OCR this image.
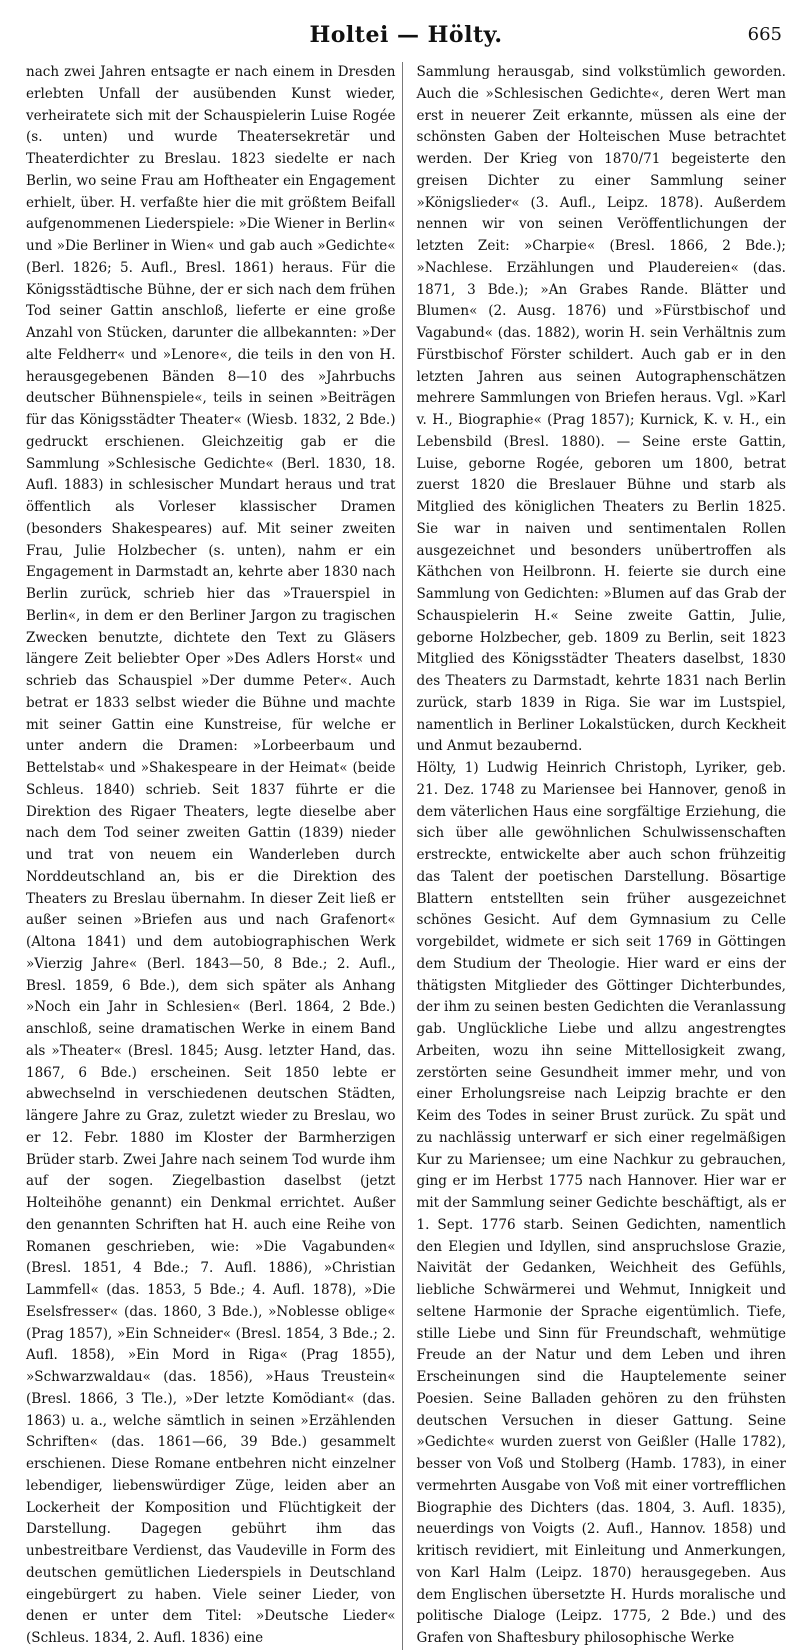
Holtei — Hölty.	665

nach zwei Jahren entsagte er nach einem in Dresden erlebten Unfall der ausübenden Kunst wieder, verheiratete sich mit der Schauspielerin Luise Rogée (s. unten) und wurde Theatersekretär und Theaterdichter zu Breslau. 1823 siedelte er nach Berlin, wo seine Frau am Hoftheater ein Engagement erhielt, über. H. verfaßte hier die mit größtem Beifall aufgenommenen Liederspiele: »Die Wiener in Berlin« und »Die Berliner in Wien« und gab auch »Gedichte« (Berl. 1826; 5. Aufl., Bresl. 1861) heraus. Für die Königsstädtische Bühne, der er sich nach dem frühen Tod seiner Gattin anschloß, lieferte er eine große Anzahl von Stücken, darunter die allbekannten: »Der alte Feldherr« und »Lenore«, die teils in den von H. herausgegebenen Bänden 8—10 des »Jahrbuchs deutscher Bühnenspiele«, teils in seinen »Beiträgen für das Königsstädter Theater« (Wiesb. 1832, 2 Bde.) gedruckt erschienen. Gleichzeitig gab er die Sammlung »Schlesische Gedichte« (Berl. 1830, 18. Aufl. 1883) in schlesischer Mundart heraus und trat öffentlich als Vorleser klassischer Dramen (besonders Shakespeares) auf. Mit seiner zweiten Frau, Julie Holzbecher (s. unten), nahm er ein Engagement in Darmstadt an, kehrte aber 1830 nach Berlin zurück, schrieb hier das »Trauerspiel in Berlin«, in dem er den Berliner Jargon zu tragischen Zwecken benutzte, dichtete den Text zu Gläsers längere Zeit beliebter Oper »Des Adlers Horst« und schrieb das Schauspiel »Der dumme Peter«. Auch betrat er 1833 selbst wieder die Bühne und machte mit seiner Gattin eine Kunstreise, für welche er unter andern die Dramen: »Lorbeerbaum und Bettelstab« und »Shakespeare in der Heimat« (beide Schleus. 1840) schrieb. Seit 1837 führte er die Direktion des Rigaer Theaters, legte dieselbe aber nach dem Tod seiner zweiten Gattin (1839) nieder und trat von neuem ein Wanderleben durch Norddeutschland an, bis er die Direktion des Theaters zu Breslau übernahm. In dieser Zeit ließ er außer seinen »Briefen aus und nach Grafenort« (Altona 1841) und dem autobiographischen Werk »Vierzig Jahre« (Berl. 1843—50, 8 Bde.; 2. Aufl., Bresl. 1859, 6 Bde.), dem sich später als Anhang »Noch ein Jahr in Schlesien« (Berl. 1864, 2 Bde.) anschloß, seine dramatischen Werke in einem Band als »Theater« (Bresl. 1845; Ausg. letzter Hand, das. 1867, 6 Bde.) erscheinen. Seit 1850 lebte er abwechselnd in verschiedenen deutschen Städten, längere Jahre zu Graz, zuletzt wieder zu Breslau, wo er 12. Febr. 1880 im Kloster der Barmherzigen Brüder starb. Zwei Jahre nach seinem Tod wurde ihm auf der sogen. Ziegelbastion daselbst (jetzt Holteihöhe genannt) ein Denkmal errichtet. Außer den genannten Schriften hat H. auch eine Reihe von Romanen geschrieben, wie: »Die Vagabunden« (Bresl. 1851, 4 Bde.; 7. Aufl. 1886), »Christian Lammfell« (das. 1853, 5 Bde.; 4. Aufl. 1878), »Die Eselsfresser« (das. 1860, 3 Bde.), »Noblesse oblige« (Prag 1857), »Ein Schneider« (Bresl. 1854, 3 Bde.; 2. Aufl. 1858), »Ein Mord in Riga« (Prag 1855), »Schwarzwaldau« (das. 1856), »Haus Treustein« (Bresl. 1866, 3 Tle.), »Der letzte Komödiant« (das. 1863) u. a., welche sämtlich in seinen »Erzählenden Schriften« (das. 1861—66, 39 Bde.) gesammelt erschienen. Diese Romane entbehren nicht einzelner lebendiger, liebenswürdiger Züge, leiden aber an Lockerheit der Komposition und Flüchtigkeit der Darstellung. Dagegen gebührt ihm das unbestreitbare Verdienst, das Vaudeville in Form des deutschen gemütlichen Liederspiels in Deutschland eingebürgert zu haben. Viele seiner Lieder, von denen er unter dem Titel: »Deutsche Lieder« (Schleus. 1834, 2. Aufl. 1836) eine

Sammlung herausgab, sind volkstümlich geworden. Auch die »Schlesischen Gedichte«, deren Wert man erst in neuerer Zeit erkannte, müssen als eine der schönsten Gaben der Holteischen Muse betrachtet werden. Der Krieg von 1870/71 begeisterte den greisen Dichter zu einer Sammlung seiner »Königslieder« (3. Aufl., Leipz. 1878). Außerdem nennen wir von seinen Veröffentlichungen der letzten Zeit: »Charpie« (Bresl. 1866, 2 Bde.); »Nachlese. Erzählungen und Plaudereien« (das. 1871, 3 Bde.); »An Grabes Rande. Blätter und Blumen« (2. Ausg. 1876) und »Fürstbischof und Vagabund« (das. 1882), worin H. sein Verhältnis zum Fürstbischof Förster schildert. Auch gab er in den letzten Jahren aus seinen Autographenschätzen mehrere Sammlungen von Briefen heraus. Vgl. »Karl v. H., Biographie« (Prag 1857); Kurnick, K. v. H., ein Lebensbild (Bresl. 1880). — Seine erste Gattin, Luise, geborne Rogée, geboren um 1800, betrat zuerst 1820 die Breslauer Bühne und starb als Mitglied des königlichen Theaters zu Berlin 1825. Sie war in naiven und sentimentalen Rollen ausgezeichnet und besonders unübertroffen als Käthchen von Heilbronn. H. feierte sie durch eine Sammlung von Gedichten: »Blumen auf das Grab der Schauspielerin H.« Seine zweite Gattin, Julie, geborne Holzbecher, geb. 1809 zu Berlin, seit 1823 Mitglied des Königsstädter Theaters daselbst, 1830 des Theaters zu Darmstadt, kehrte 1831 nach Berlin zurück, starb 1839 in Riga. Sie war im Lustspiel, namentlich in Berliner Lokalstücken, durch Keckheit und Anmut bezaubernd.

Hölty, 1) Ludwig Heinrich Christoph, Lyriker, geb. 21. Dez. 1748 zu Mariensee bei Hannover, genoß in dem väterlichen Haus eine sorgfältige Erziehung, die sich über alle gewöhnlichen Schulwissenschaften erstreckte, entwickelte aber auch schon frühzeitig das Talent der poetischen Darstellung. Bösartige Blattern entstellten sein früher ausgezeichnet schönes Gesicht. Auf dem Gymnasium zu Celle vorgebildet, widmete er sich seit 1769 in Göttingen dem Studium der Theologie. Hier ward er eins der thätigsten Mitglieder des Göttinger Dichterbundes, der ihm zu seinen besten Gedichten die Veranlassung gab. Unglückliche Liebe und allzu angestrengtes Arbeiten, wozu ihn seine Mittellosigkeit zwang, zerstörten seine Gesundheit immer mehr, und von einer Erholungsreise nach Leipzig brachte er den Keim des Todes in seiner Brust zurück. Zu spät und zu nachlässig unterwarf er sich einer regelmäßigen Kur zu Mariensee; um eine Nachkur zu gebrauchen, ging er im Herbst 1775 nach Hannover. Hier war er mit der Sammlung seiner Gedichte beschäftigt, als er 1. Sept. 1776 starb. Seinen Gedichten, namentlich den Elegien und Idyllen, sind anspruchslose Grazie, Naivität der Gedanken, Weichheit des Gefühls, liebliche Schwärmerei und Wehmut, Innigkeit und seltene Harmonie der Sprache eigentümlich. Tiefe, stille Liebe und Sinn für Freundschaft, wehmütige Freude an der Natur und dem Leben und ihren Erscheinungen sind die Hauptelemente seiner Poesien. Seine Balladen gehören zu den frühsten deutschen Versuchen in dieser Gattung. Seine »Gedichte« wurden zuerst von Geißler (Halle 1782), besser von Voß und Stolberg (Hamb. 1783), in einer vermehrten Ausgabe von Voß mit einer vortrefflichen Biographie des Dichters (das. 1804, 3. Aufl. 1835), neuerdings von Voigts (2. Aufl., Hannov. 1858) und kritisch revidiert, mit Einleitung und Anmerkungen, von Karl Halm (Leipz. 1870) herausgegeben. Aus dem Englischen übersetzte H. Hurds moralische und politische Dialoge (Leipz. 1775, 2 Bde.) und des Grafen von Shaftesbury philosophische Werke
